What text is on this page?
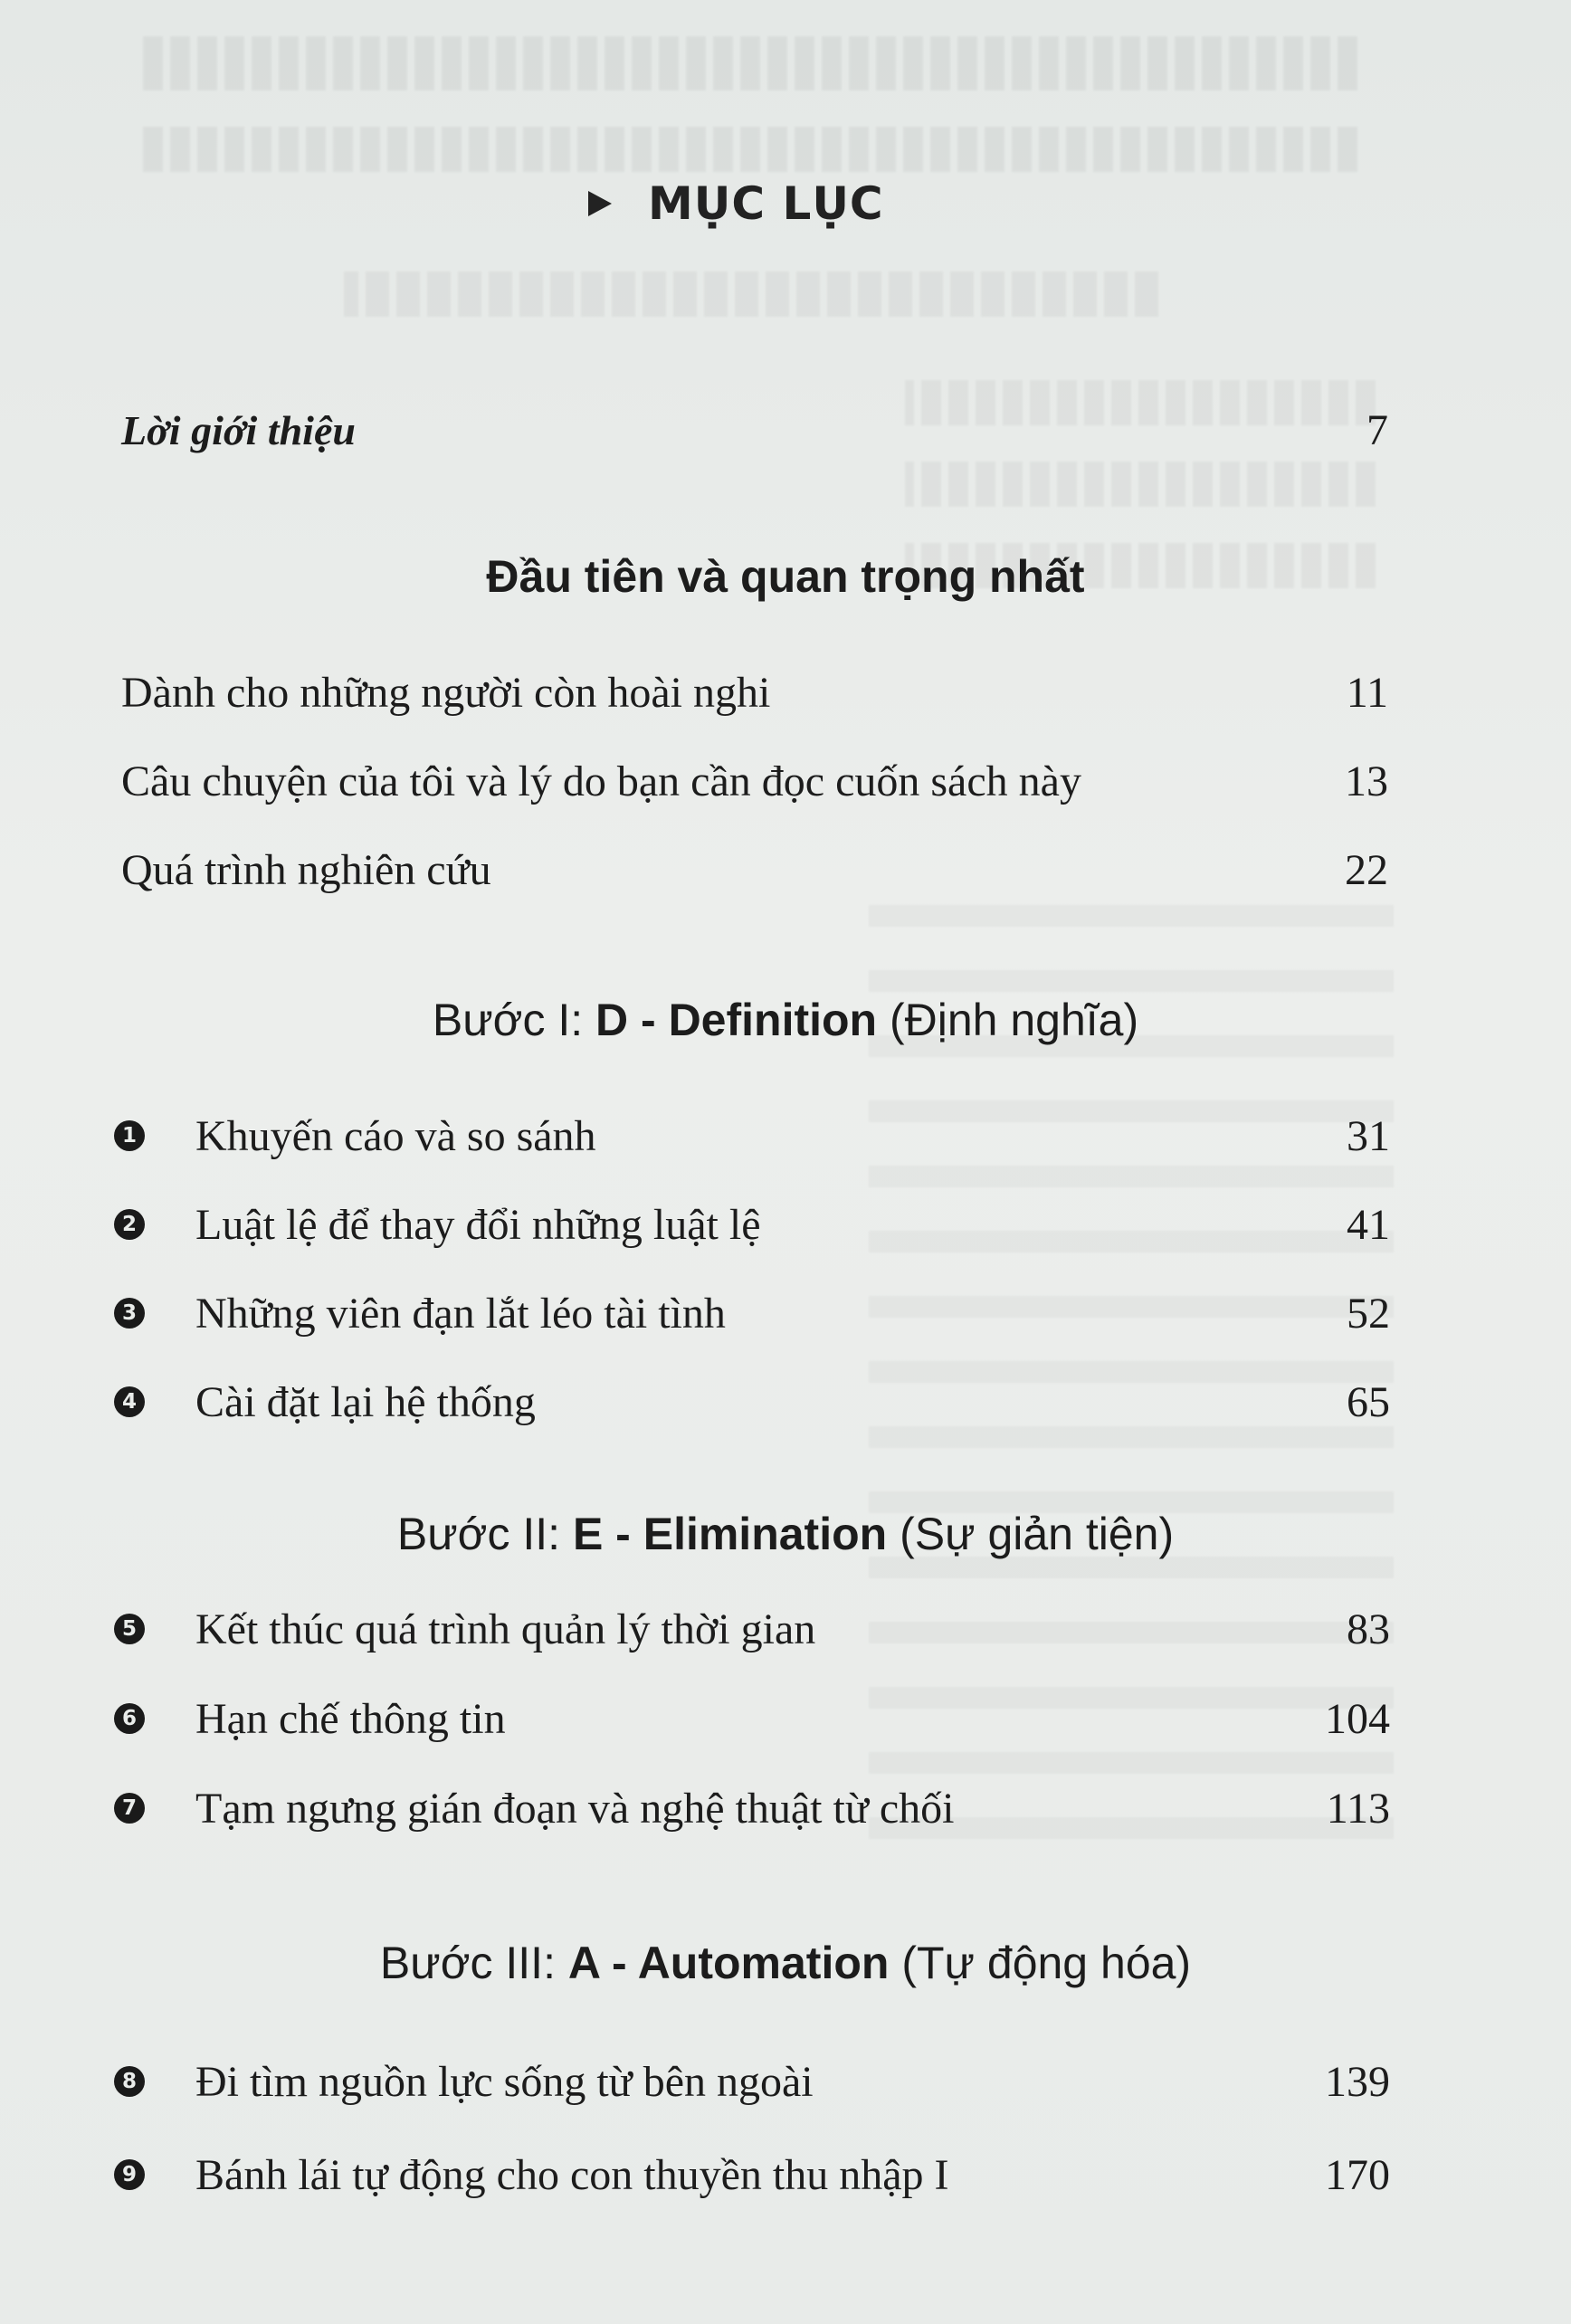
MỤC LỤC
Lời giới thiệu	7
Đầu tiên và quan trọng nhất
Dành cho những người còn hoài nghi	11
Câu chuyện của tôi và lý do bạn cần đọc cuốn sách này	13
Quá trình nghiên cứu	22
Bước I: D - Definition (Định nghĩa)
1 Khuyến cáo và so sánh	31
2 Luật lệ để thay đổi những luật lệ	41
3 Những viên đạn lắt léo tài tình	52
4 Cài đặt lại hệ thống	65
Bước II: E - Elimination (Sự giản tiện)
5 Kết thúc quá trình quản lý thời gian	83
6 Hạn chế thông tin	104
7 Tạm ngưng gián đoạn và nghệ thuật từ chối	113
Bước III: A - Automation (Tự động hóa)
8 Đi tìm nguồn lực sống từ bên ngoài	139
9 Bánh lái tự động cho con thuyền thu nhập I	170
